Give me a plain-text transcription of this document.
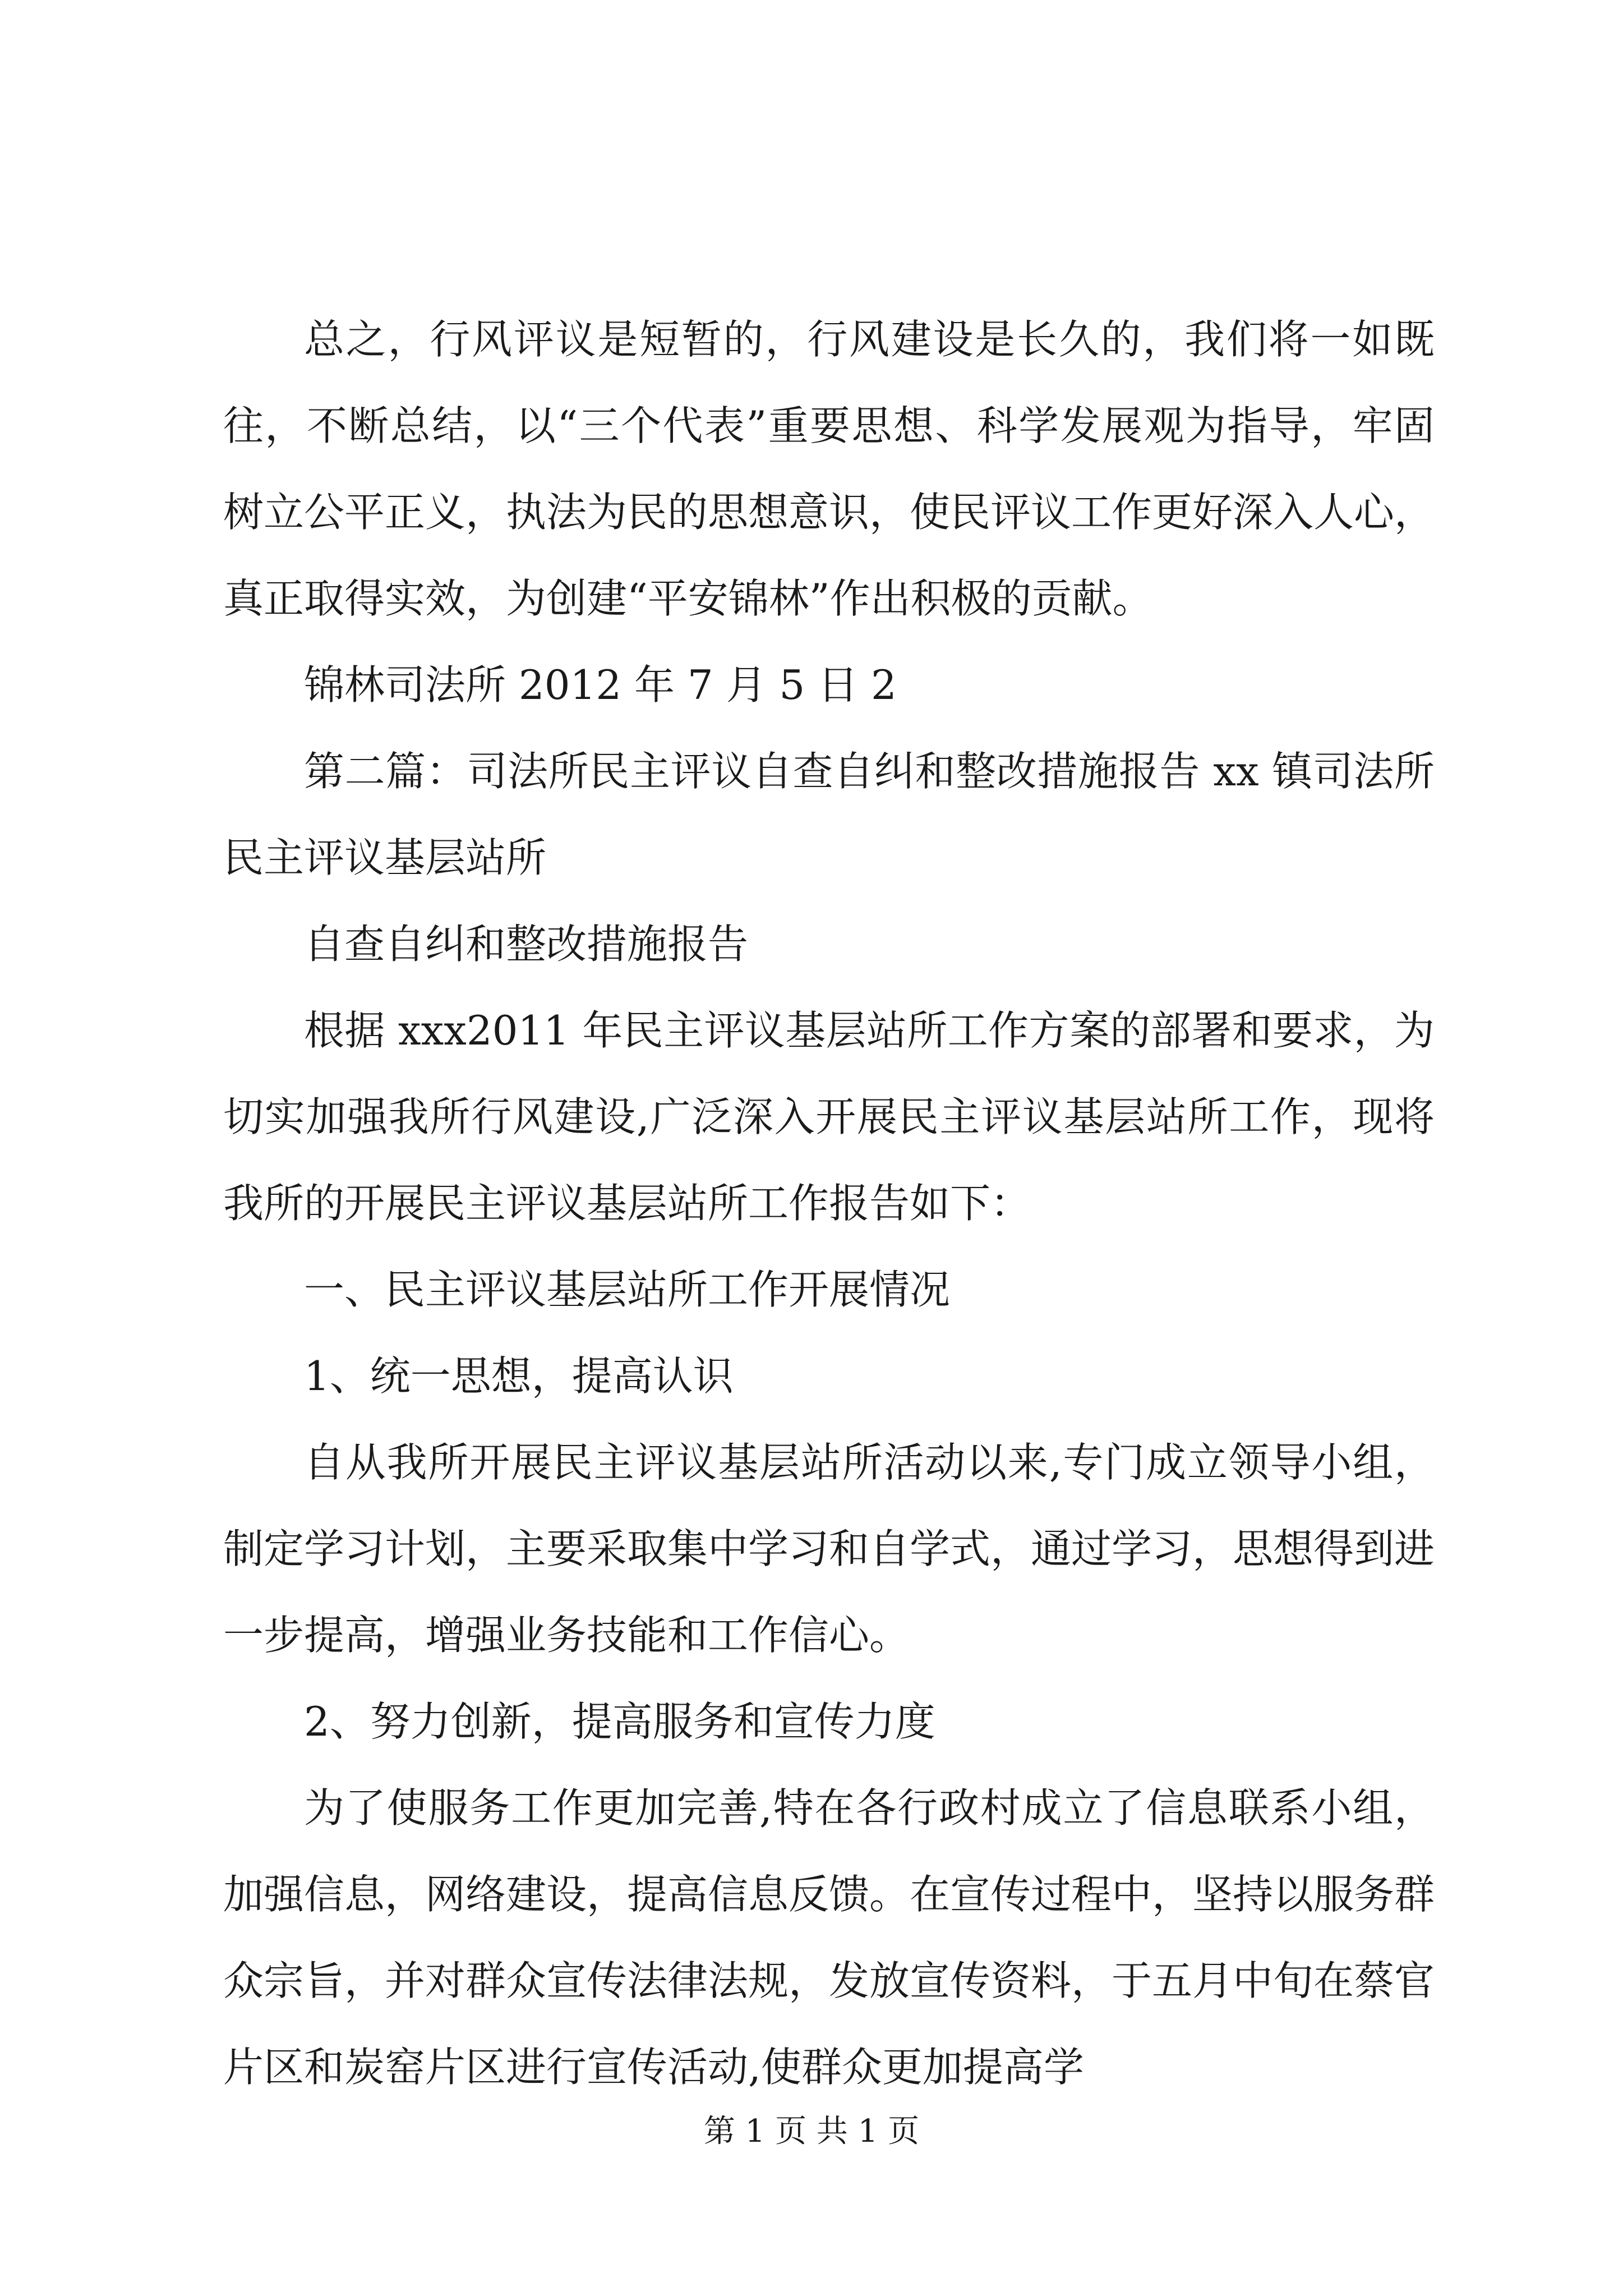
总之，行风评议是短暂的，行风建设是长久的，我们将一如既往，不断总结，以“三个代表”重要思想、科学发展观为指导，牢固树立公平正义，执法为民的思想意识，使民评议工作更好深入人心，真正取得实效，为创建“平安锦林”作出积极的贡献。

锦林司法所 2012 年 7 月 5 日 2

第二篇：司法所民主评议自查自纠和整改措施报告 xx 镇司法所民主评议基层站所

自查自纠和整改措施报告

根据 xxx2011 年民主评议基层站所工作方案的部署和要求，为切实加强我所行风建设,广泛深入开展民主评议基层站所工作，现将我所的开展民主评议基层站所工作报告如下：

一、民主评议基层站所工作开展情况

1、统一思想，提高认识

自从我所开展民主评议基层站所活动以来,专门成立领导小组，制定学习计划，主要采取集中学习和自学式，通过学习，思想得到进一步提高，增强业务技能和工作信心。

2、努力创新，提高服务和宣传力度

为了使服务工作更加完善,特在各行政村成立了信息联系小组，加强信息，网络建设，提高信息反馈。在宣传过程中，坚持以服务群众宗旨，并对群众宣传法律法规，发放宣传资料，于五月中旬在蔡官片区和炭窑片区进行宣传活动,使群众更加提高学

第 1 页 共 1 页
